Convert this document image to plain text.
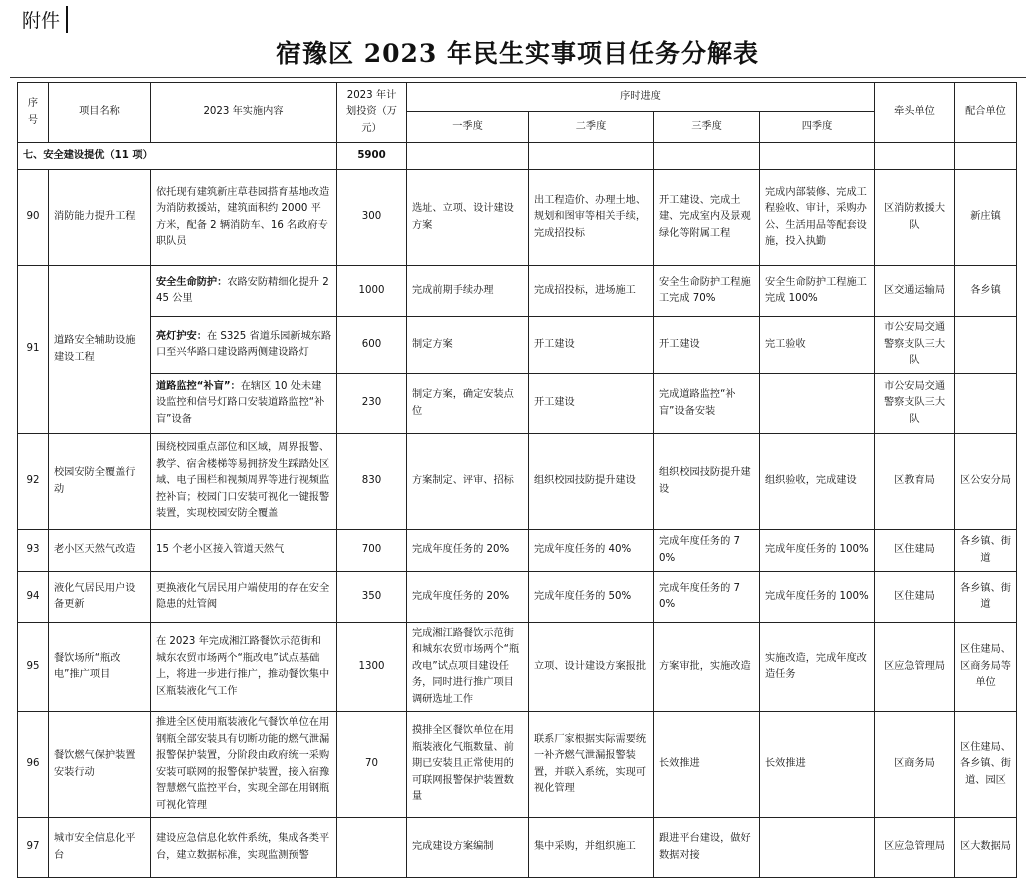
附件
宿豫区 2023 年民生实事项目任务分解表
序号	项目名称	2023 年实施内容	2023 年计划投资（万元）	序时进度				牵头单位	配合单位
				一季度	二季度	三季度	四季度		
七、安全建设提优（11 项）			5900						
90	消防能力提升工程	依托现有建筑新庄草巷园搭育基地改造为消防救援站，建筑面积约 2000 平方米，配备 2 辆消防车、16 名政府专职队员	300	选址、立项、设计建设方案	出工程造价、办理土地、规划和图审等相关手续，完成招投标	开工建设、完成土建、完成室内及景观绿化等附属工程	完成内部装修、完成工程验收、审计，采购办公、生活用品等配套设施，投入执勤	区消防救援大队	新庄镇
91	道路安全辅助设施建设工程	安全生命防护：农路安防精细化提升 245 公里	1000	完成前期手续办理	完成招投标，进场施工	安全生命防护工程施工完成 70%	安全生命防护工程施工完成 100%	区交通运输局	各乡镇
		亮灯护安：在 S325 省道乐园新城东路口至兴华路口建设路两侧建设路灯	600	制定方案	开工建设	开工建设	完工验收	市公安局交通警察支队三大队	
		道路监控“补盲”：在辖区 10 处未建设监控和信号灯路口安装道路监控“补盲”设备	230	制定方案，确定安装点位	开工建设	完成道路监控“补盲”设备安装		市公安局交通警察支队三大队	
92	校园安防全覆盖行动	围绕校园重点部位和区域，周界报警、教学、宿舍楼梯等易拥挤发生踩踏处区域、电子围栏和视频周界等进行视频监控补盲；校园门口安装可视化一键报警装置，实现校园安防全覆盖	830	方案制定、评审、招标	组织校园技防提升建设	组织校园技防提升建设	组织验收，完成建设	区教育局	区公安分局
93	老小区天然气改造	15 个老小区接入管道天然气	700	完成年度任务的 20%	完成年度任务的 40%	完成年度任务的 70%	完成年度任务的 100%	区住建局	各乡镇、街道
94	液化气居民用户设备更新	更换液化气居民用户端使用的存在安全隐患的灶管阀	350	完成年度任务的 20%	完成年度任务的 50%	完成年度任务的 70%	完成年度任务的 100%	区住建局	各乡镇、街道
95	餐饮场所“瓶改电”推广项目	在 2023 年完成湘江路餐饮示范街和城东农贸市场两个“瓶改电”试点基础上，将进一步进行推广，推动餐饮集中区瓶装液化气工作	1300	完成湘江路餐饮示范街和城东农贸市场两个“瓶改电”试点项目建设任务，同时进行推广项目调研选址工作	立项、设计建设方案报批	方案审批，实施改造	实施改造，完成年度改造任务	区应急管理局	区住建局、区商务局等单位
96	餐饮燃气保护装置安装行动	推进全区使用瓶装液化气餐饮单位在用钢瓶全部安装具有切断功能的燃气泄漏报警保护装置，分阶段由政府统一采购安装可联网的报警保护装置，接入宿豫智慧燃气监控平台，实现全部在用钢瓶可视化管理	70	摸排全区餐饮单位在用瓶装液化气瓶数量、前期已安装且正常使用的可联网报警保护装置数量	联系厂家根据实际需要统一补齐燃气泄漏报警装置，并联入系统，实现可视化管理	长效推进	长效推进	区商务局	区住建局、各乡镇、街道、园区
97	城市安全信息化平台	建设应急信息化软件系统，集成各类平台，建立数据标准，实现监测预警		完成建设方案编制	集中采购，并组织施工	跟进平台建设，做好数据对接		区应急管理局	区大数据局
